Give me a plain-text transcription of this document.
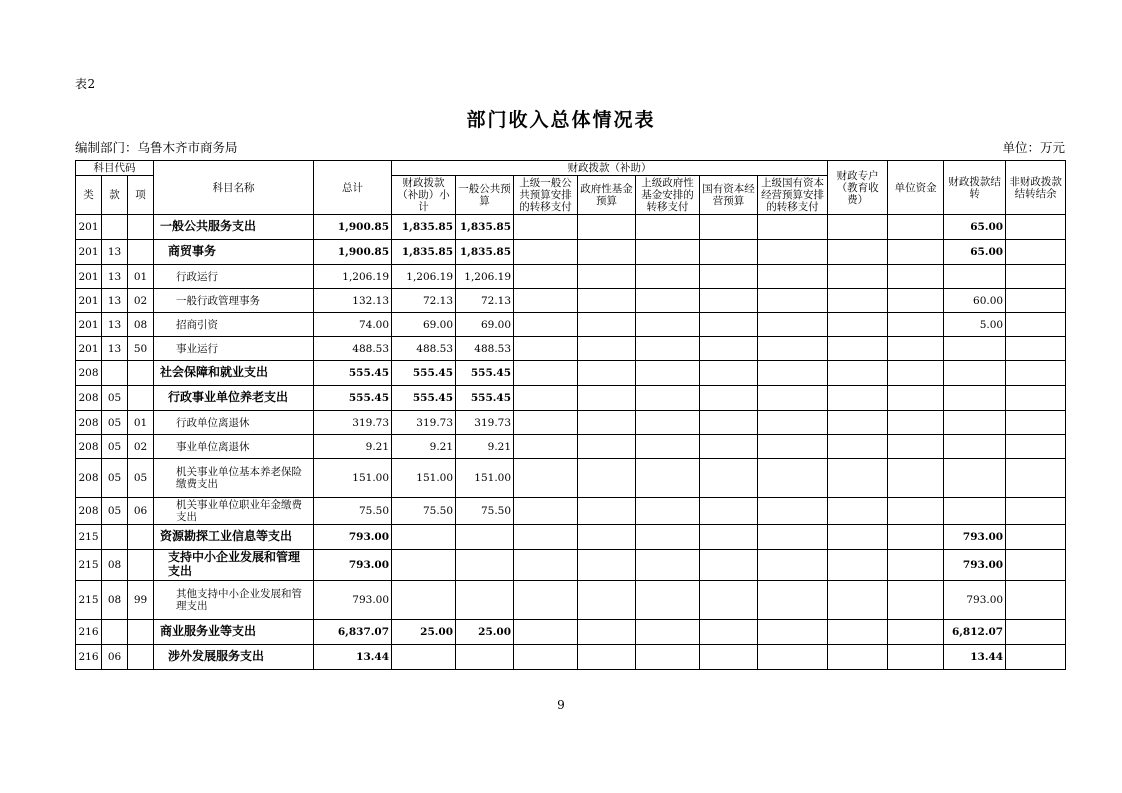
表2
部门收入总体情况表
编制部门：乌鲁木齐市商务局	单位：万元
科目代码			科目名称	总计	财政拨款（补助）							财政专户（教育收费）	单位资金	财政拨款结转	非财政拨款结转结余
类	款	项			财政拨款（补助）小计	一般公共预算	上级一般公共预算安排的转移支付	政府性基金预算	上级政府性基金安排的转移支付	国有资本经营预算	上级国有资本经营预算安排的转移支付				
201			一般公共服务支出	1,900.85	1,835.85	1,835.85								65.00	
201	13		商贸事务	1,900.85	1,835.85	1,835.85								65.00	
201	13	01	行政运行	1,206.19	1,206.19	1,206.19									
201	13	02	一般行政管理事务	132.13	72.13	72.13								60.00	
201	13	08	招商引资	74.00	69.00	69.00								5.00	
201	13	50	事业运行	488.53	488.53	488.53									
208			社会保障和就业支出	555.45	555.45	555.45									
208	05		行政事业单位养老支出	555.45	555.45	555.45									
208	05	01	行政单位离退休	319.73	319.73	319.73									
208	05	02	事业单位离退休	9.21	9.21	9.21									
208	05	05	机关事业单位基本养老保险缴费支出	151.00	151.00	151.00									
208	05	06	机关事业单位职业年金缴费支出	75.50	75.50	75.50									
215			资源勘探工业信息等支出	793.00										793.00	
215	08		支持中小企业发展和管理支出	793.00										793.00	
215	08	99	其他支持中小企业发展和管理支出	793.00										793.00	
216			商业服务业等支出	6,837.07	25.00	25.00								6,812.07	
216	06		涉外发展服务支出	13.44										13.44	
9
